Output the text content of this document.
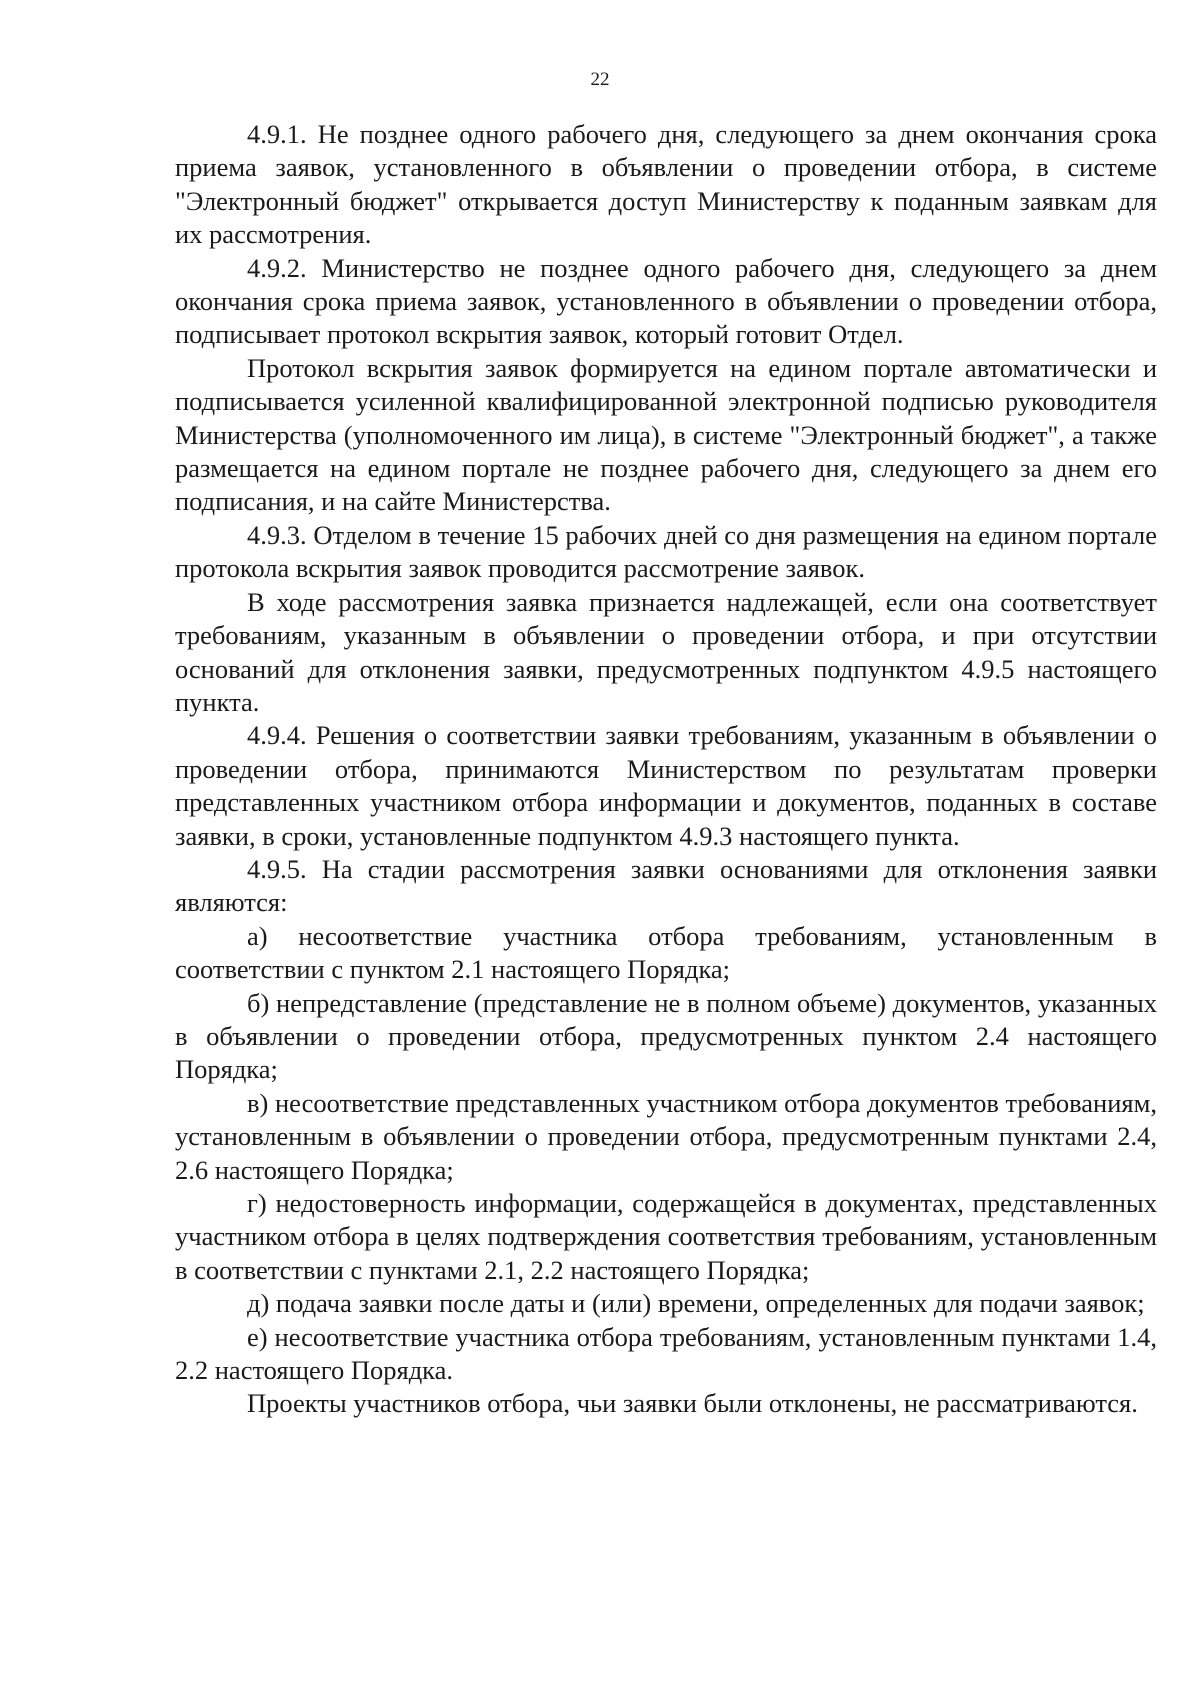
22

4.9.1. Не позднее одного рабочего дня, следующего за днем окончания срока приема заявок, установленного в объявлении о проведении отбора, в системе "Электронный бюджет" открывается доступ Министерству к поданным заявкам для их рассмотрения.

4.9.2. Министерство не позднее одного рабочего дня, следующего за днем окончания срока приема заявок, установленного в объявлении о проведении отбора, подписывает протокол вскрытия заявок, который готовит Отдел.

Протокол вскрытия заявок формируется на едином портале автоматически и подписывается усиленной квалифицированной электронной подписью руководителя Министерства (уполномоченного им лица), в системе "Электронный бюджет", а также размещается на едином портале не позднее рабочего дня, следующего за днем его подписания, и на сайте Министерства.

4.9.3. Отделом в течение 15 рабочих дней со дня размещения на едином портале протокола вскрытия заявок проводится рассмотрение заявок.

В ходе рассмотрения заявка признается надлежащей, если она соответствует требованиям, указанным в объявлении о проведении отбора, и при отсутствии оснований для отклонения заявки, предусмотренных подпунктом 4.9.5 настоящего пункта.

4.9.4. Решения о соответствии заявки требованиям, указанным в объявлении о проведении отбора, принимаются Министерством по результатам проверки представленных участником отбора информации и документов, поданных в составе заявки, в сроки, установленные подпунктом 4.9.3 настоящего пункта.

4.9.5. На стадии рассмотрения заявки основаниями для отклонения заявки являются:

а) несоответствие участника отбора требованиям, установленным в соответствии с пунктом 2.1 настоящего Порядка;

б) непредставление (представление не в полном объеме) документов, указанных в объявлении о проведении отбора, предусмотренных пунктом 2.4 настоящего Порядка;

в) несоответствие представленных участником отбора документов требованиям, установленным в объявлении о проведении отбора, предусмотренным пунктами 2.4, 2.6 настоящего Порядка;

г) недостоверность информации, содержащейся в документах, представленных участником отбора в целях подтверждения соответствия требованиям, установленным в соответствии с пунктами 2.1, 2.2 настоящего Порядка;

д) подача заявки после даты и (или) времени, определенных для подачи заявок;

е) несоответствие участника отбора требованиям, установленным пунктами 1.4, 2.2 настоящего Порядка.

Проекты участников отбора, чьи заявки были отклонены, не рассматриваются.
